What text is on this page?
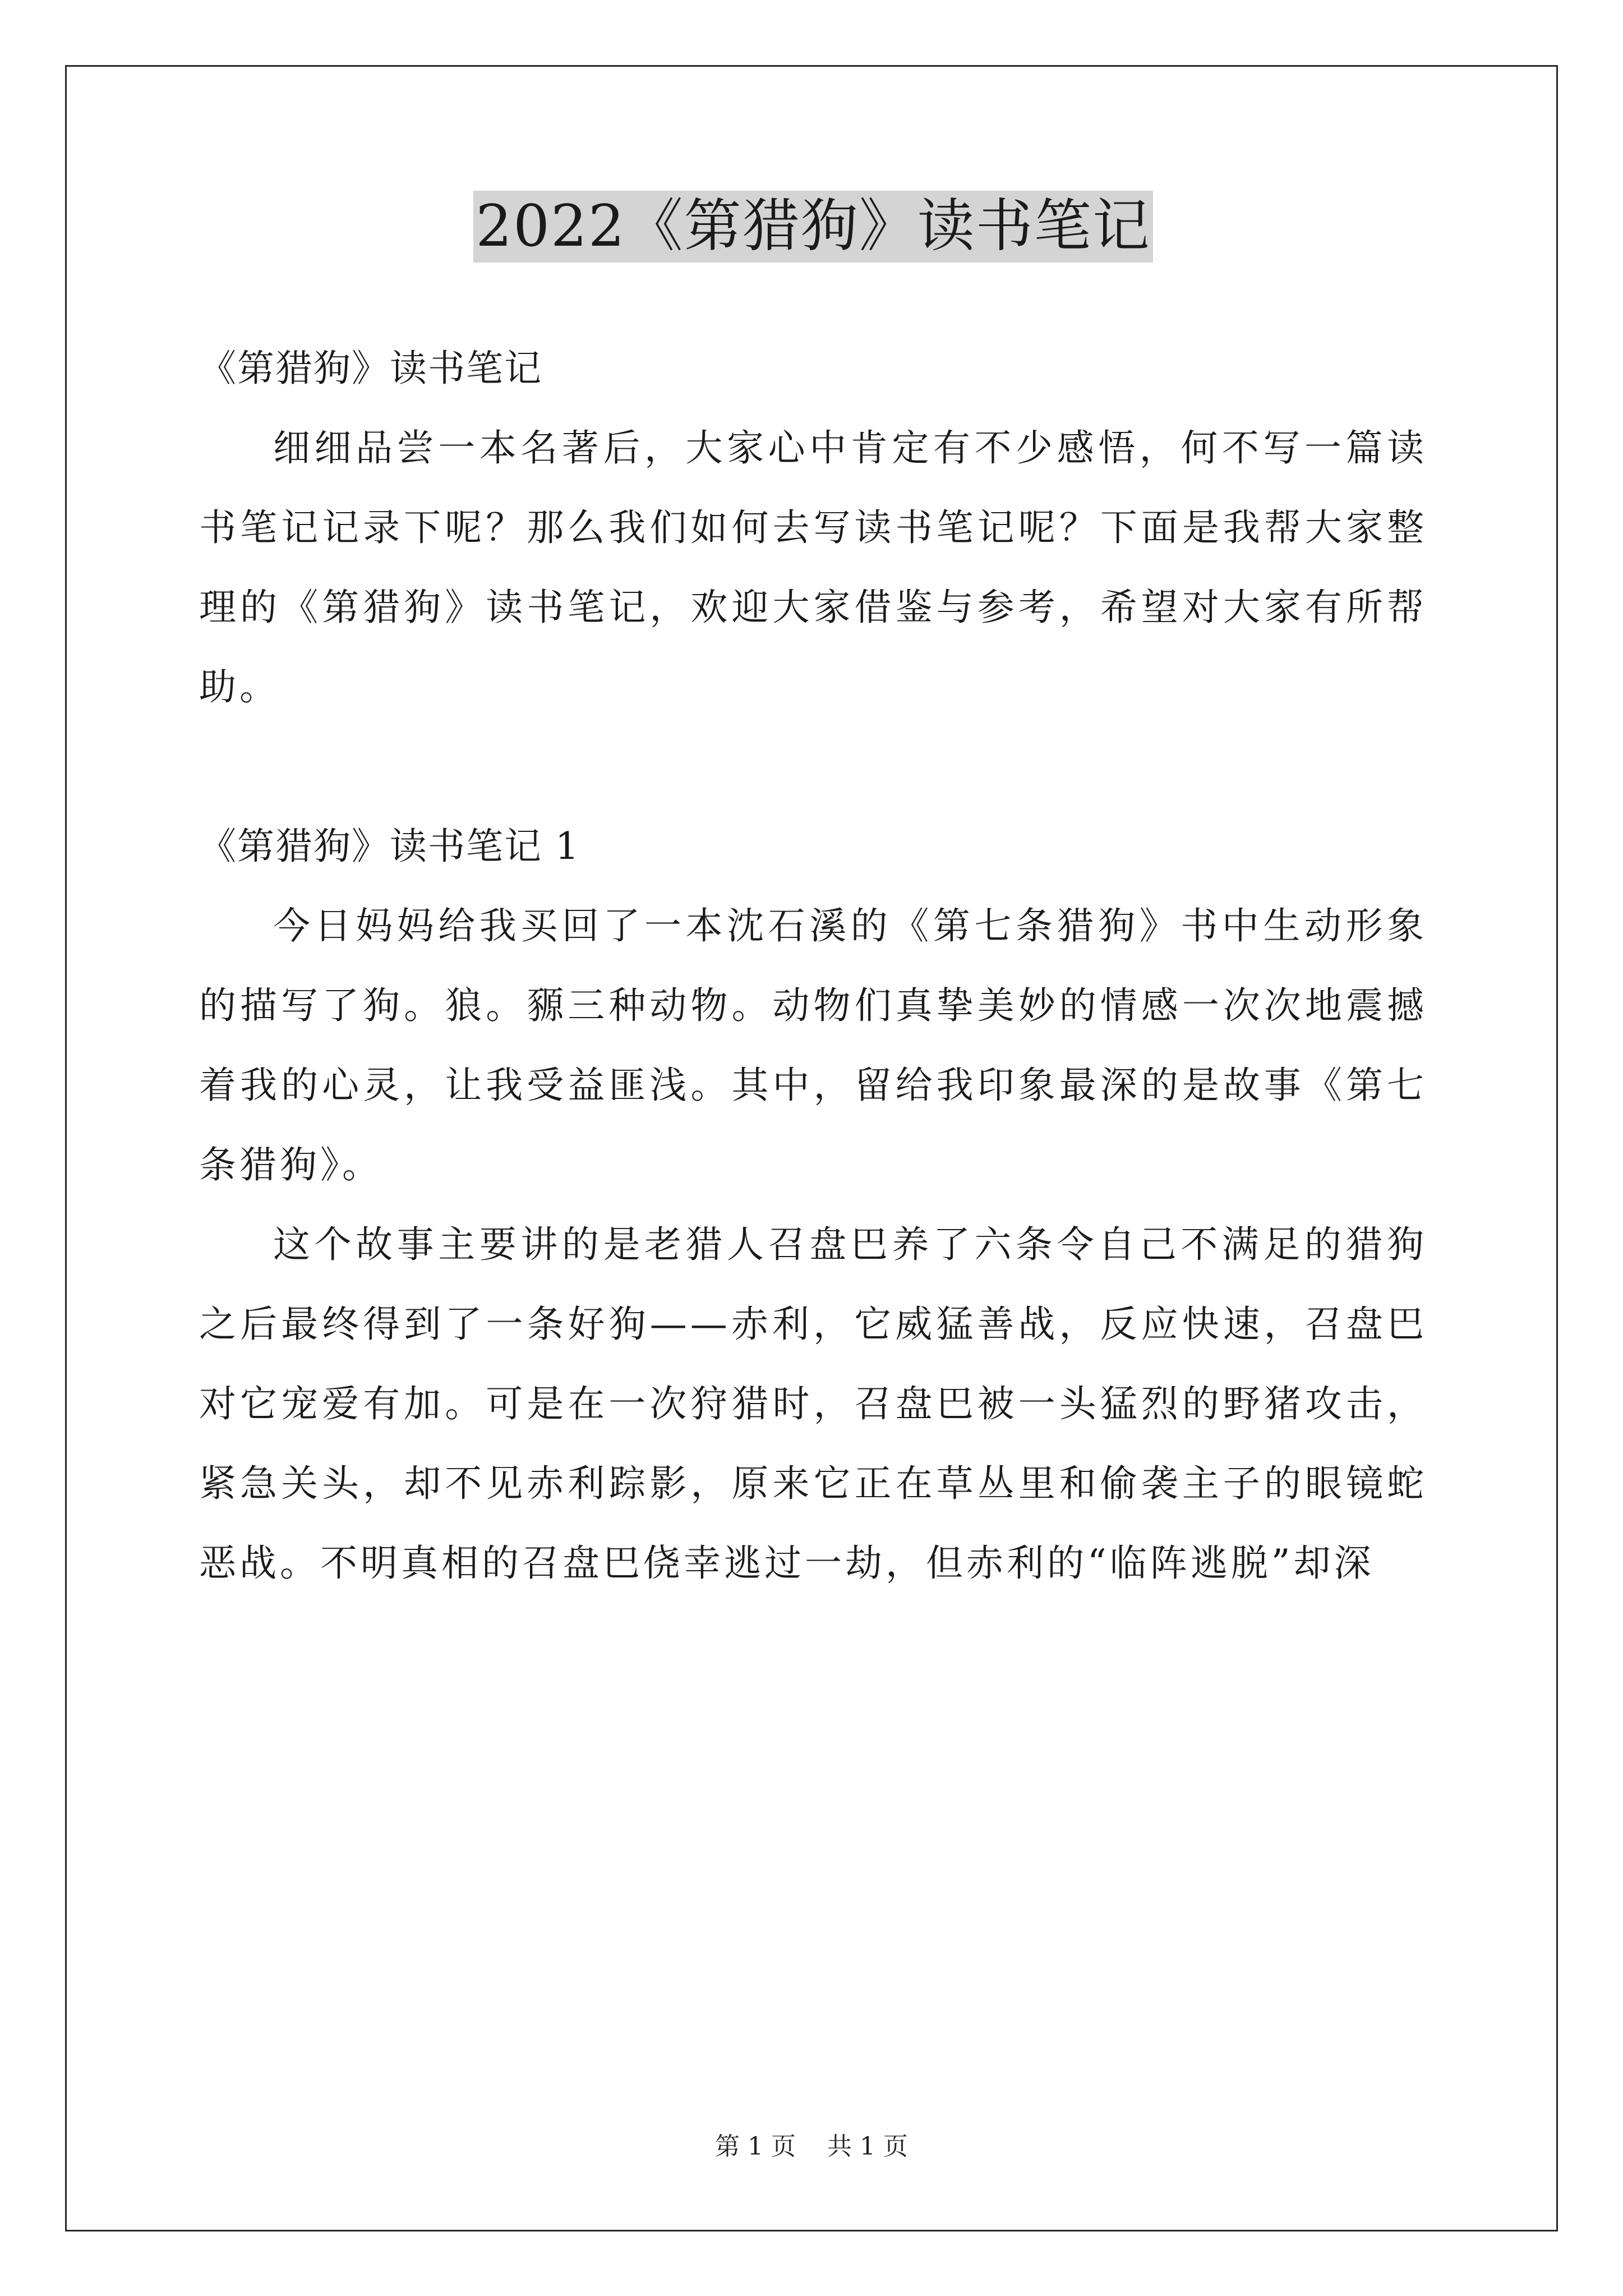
2022《第猎狗》读书笔记

《第猎狗》读书笔记

细细品尝一本名著后，大家心中肯定有不少感悟，何不写一篇读书笔记记录下呢？那么我们如何去写读书笔记呢？下面是我帮大家整理的《第猎狗》读书笔记，欢迎大家借鉴与参考，希望对大家有所帮助。

《第猎狗》读书笔记 1

今日妈妈给我买回了一本沈石溪的《第七条猎狗》书中生动形象的描写了狗。狼。豲三种动物。动物们真挚美妙的情感一次次地震撼着我的心灵，让我受益匪浅。其中，留给我印象最深的是故事《第七条猎狗》。

这个故事主要讲的是老猎人召盘巴养了六条令自己不满足的猎狗之后最终得到了一条好狗——赤利，它威猛善战，反应快速，召盘巴对它宠爱有加。可是在一次狩猎时，召盘巴被一头猛烈的野猪攻击，紧急关头，却不见赤利踪影，原来它正在草丛里和偷袭主子的眼镜蛇恶战。不明真相的召盘巴侥幸逃过一劫，但赤利的“临阵逃脱”却深

第 1 页 共 1 页
